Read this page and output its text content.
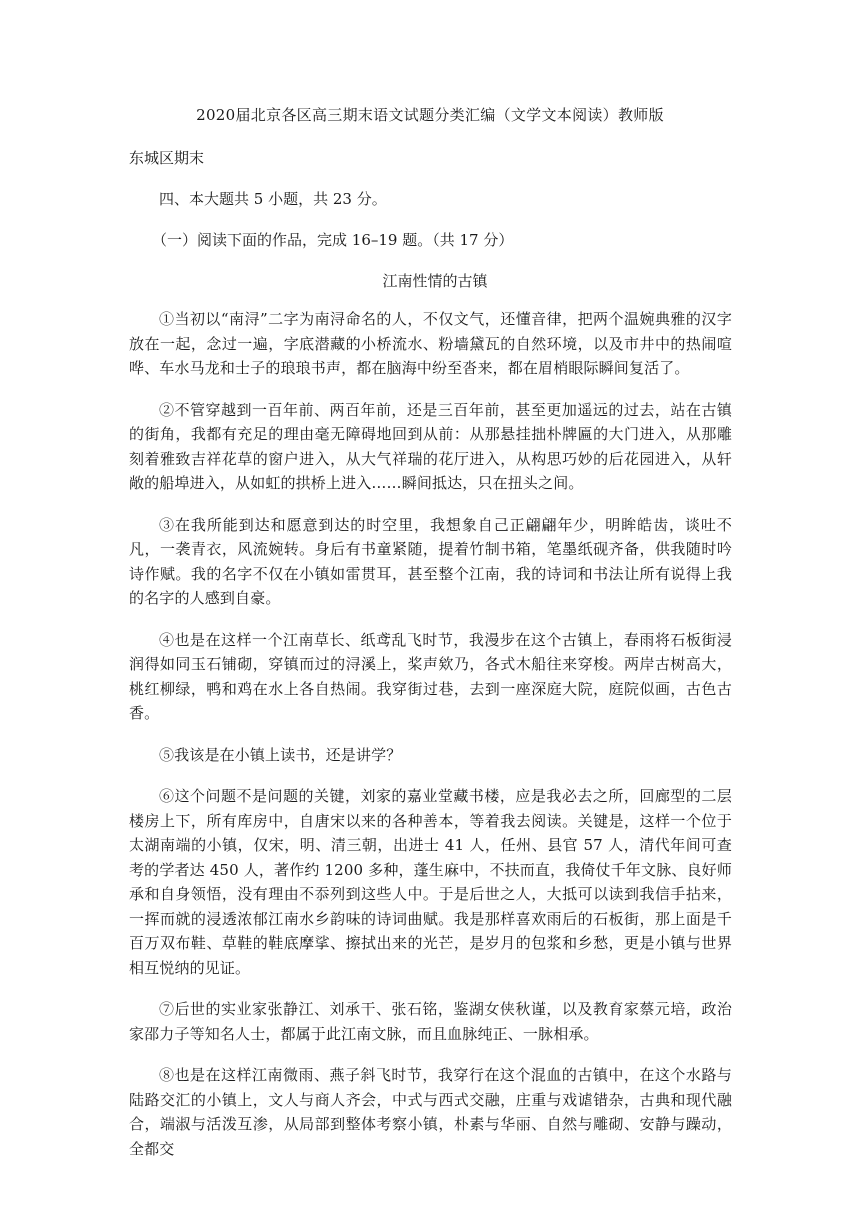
2020届北京各区高三期末语文试题分类汇编（文学文本阅读）教师版
东城区期末
四、本大题共 5 小题，共 23 分。
（一）阅读下面的作品，完成 16–19 题。（共 17 分）
江南性情的古镇

①当初以“南浔”二字为南浔命名的人，不仅文气，还懂音律，把两个温婉典雅的汉字放在一起，念过一遍，字底潜藏的小桥流水、粉墙黛瓦的自然环境，以及市井中的热闹喧哗、车水马龙和士子的琅琅书声，都在脑海中纷至沓来，都在眉梢眼际瞬间复活了。

②不管穿越到一百年前、两百年前，还是三百年前，甚至更加遥远的过去，站在古镇的街角，我都有充足的理由毫无障碍地回到从前：从那悬挂拙朴牌匾的大门进入，从那雕刻着雅致吉祥花草的窗户进入，从大气祥瑞的花厅进入，从构思巧妙的后花园进入，从轩敞的船埠进入，从如虹的拱桥上进入……瞬间抵达，只在扭头之间。

③在我所能到达和愿意到达的时空里，我想象自己正翩翩年少，明眸皓齿，谈吐不凡，一袭青衣，风流婉转。身后有书童紧随，提着竹制书箱，笔墨纸砚齐备，供我随时吟诗作赋。我的名字不仅在小镇如雷贯耳，甚至整个江南，我的诗词和书法让所有说得上我的名字的人感到自豪。

④也是在这样一个江南草长、纸鸢乱飞时节，我漫步在这个古镇上，春雨将石板街浸润得如同玉石铺砌，穿镇而过的浔溪上，桨声欸乃，各式木船往来穿梭。两岸古树高大，桃红柳绿，鸭和鸡在水上各自热闹。我穿街过巷，去到一座深庭大院，庭院似画，古色古香。

⑤我该是在小镇上读书，还是讲学？

⑥这个问题不是问题的关键，刘家的嘉业堂藏书楼，应是我必去之所，回廊型的二层楼房上下，所有库房中，自唐宋以来的各种善本，等着我去阅读。关键是，这样一个位于太湖南端的小镇，仅宋，明、清三朝，出进士 41 人，任州、县官 57 人，清代年间可查考的学者达 450 人，著作约 1200 多种，蓬生麻中，不扶而直，我倚仗千年文脉、良好师承和自身领悟，没有理由不忝列到这些人中。于是后世之人，大抵可以读到我信手拈来，一挥而就的浸透浓郁江南水乡韵味的诗词曲赋。我是那样喜欢雨后的石板街，那上面是千百万双布鞋、草鞋的鞋底摩挲、擦拭出来的光芒，是岁月的包浆和乡愁，更是小镇与世界相互悦纳的见证。

⑦后世的实业家张静江、刘承干、张石铭，鉴湖女侠秋谨，以及教育家蔡元培，政治家邵力子等知名人士，都属于此江南文脉，而且血脉纯正、一脉相承。

⑧也是在这样江南微雨、燕子斜飞时节，我穿行在这个混血的古镇中，在这个水路与陆路交汇的小镇上，文人与商人齐会，中式与西式交融，庄重与戏谑错杂，古典和现代融合，端淑与活泼互渗，从局部到整体考察小镇，朴素与华丽、自然与雕砌、安静与躁动，全都交
